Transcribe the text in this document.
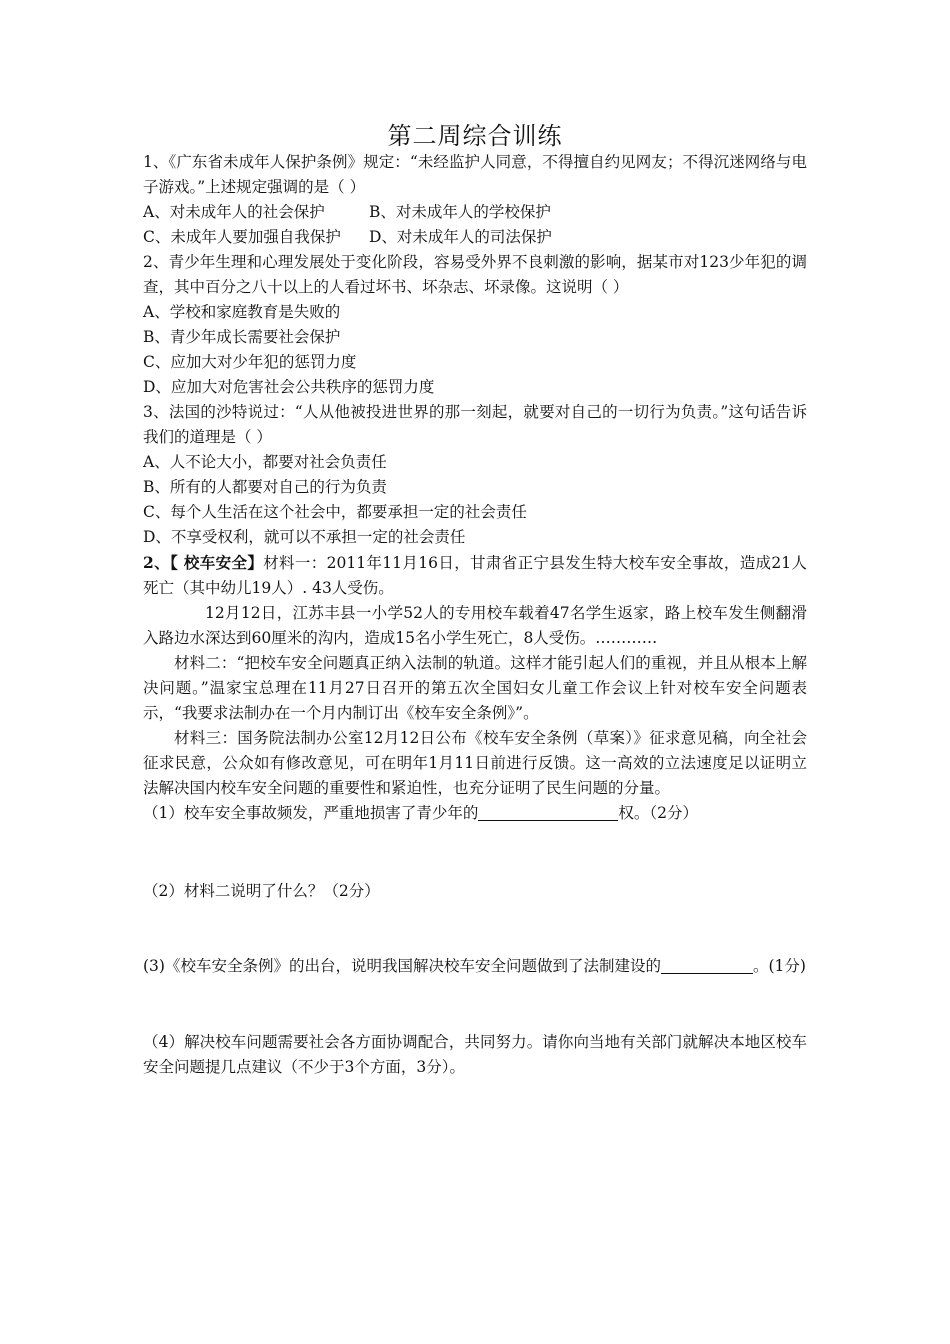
第二周综合训练

1、《广东省未成年人保护条例》规定：“未经监护人同意，不得擅自约见网友；不得沉迷网络与电子游戏。”上述规定强调的是（ ）

A、对未成年人的社会保护	B、对未成年人的学校保护
C、未成年人要加强自我保护	D、对未成年人的司法保护

2、青少年生理和心理发展处于变化阶段，容易受外界不良刺激的影响，据某市对123少年犯的调查，其中百分之八十以上的人看过坏书、坏杂志、坏录像。这说明（ ）

A、学校和家庭教育是失败的

B、青少年成长需要社会保护

C、应加大对少年犯的惩罚力度

D、应加大对危害社会公共秩序的惩罚力度

3、法国的沙特说过：“人从他被投进世界的那一刻起，就要对自己的一切行为负责。”这句话告诉我们的道理是（ ）

A、人不论大小，都要对社会负责任

B、所有的人都要对自己的行为负责

C、每个人生活在这个社会中，都要承担一定的社会责任

D、不享受权利，就可以不承担一定的社会责任

2、【 校车安全】材料一：2011年11月16日，甘肃省正宁县发生特大校车安全事故，造成21人死亡（其中幼儿19人）. 43人受伤。

12月12日，江苏丰县一小学52人的专用校车载着47名学生返家，路上校车发生侧翻滑入路边水深达到60厘米的沟内，造成15名小学生死亡，8人受伤。…………

材料二：“把校车安全问题真正纳入法制的轨道。这样才能引起人们的重视，并且从根本上解决问题。”温家宝总理在11月27日召开的第五次全国妇女儿童工作会议上针对校车安全问题表示，“我要求法制办在一个月内制订出《校车安全条例》”。

材料三：国务院法制办公室12月12日公布《校车安全条例（草案）》征求意见稿，向全社会征求民意，公众如有修改意见，可在明年1月11日前进行反馈。这一高效的立法速度足以证明立法解决国内校车安全问题的重要性和紧迫性，也充分证明了民生问题的分量。

（1）校车安全事故频发，严重地损害了青少年的	权。（2分）

（2）材料二说明了什么？（2分）

(3)《校车安全条例》的出台，说明我国解决校车安全问题做到了法制建设的	。(1分)

（4）解决校车问题需要社会各方面协调配合，共同努力。请你向当地有关部门就解决本地区校车安全问题提几点建议（不少于3个方面，3分）。
